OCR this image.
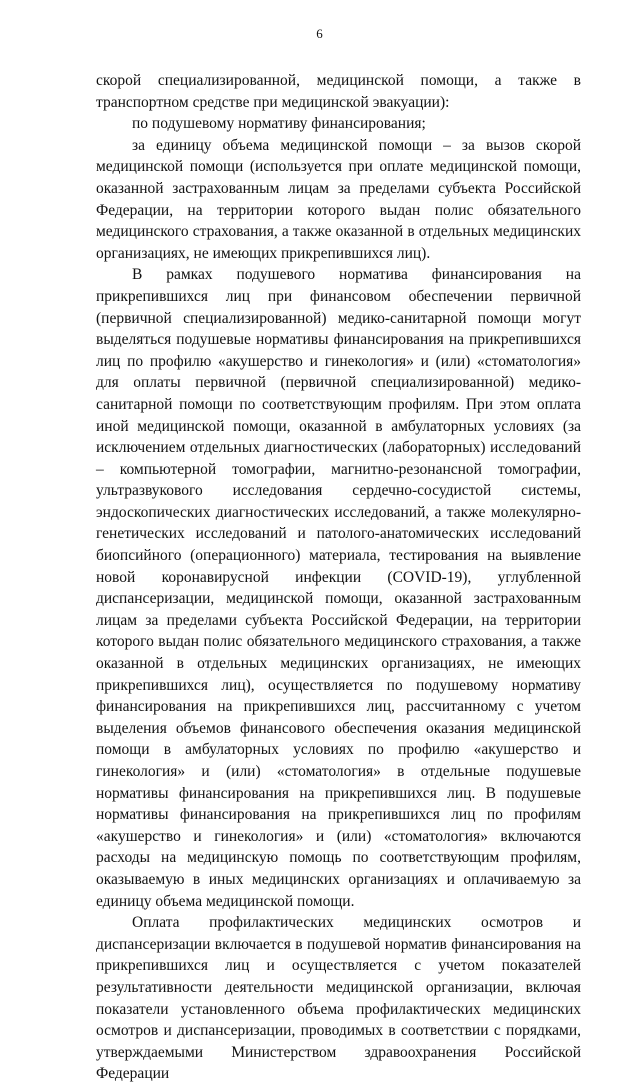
6

скорой специализированной, медицинской помощи, а также в транспортном средстве при медицинской эвакуации):

по подушевому нормативу финансирования;

за единицу объема медицинской помощи – за вызов скорой медицинской помощи (используется при оплате медицинской помощи, оказанной застрахованным лицам за пределами субъекта Российской Федерации, на территории которого выдан полис обязательного медицинского страхования, а также оказанной в отдельных медицинских организациях, не имеющих прикрепившихся лиц).

В рамках подушевого норматива финансирования на прикрепившихся лиц при финансовом обеспечении первичной (первичной специализированной) медико-санитарной помощи могут выделяться подушевые нормативы финансирования на прикрепившихся лиц по профилю «акушерство и гинекология» и (или) «стоматология» для оплаты первичной (первичной специализированной) медико-санитарной помощи по соответствующим профилям. При этом оплата иной медицинской помощи, оказанной в амбулаторных условиях (за исключением отдельных диагностических (лабораторных) исследований – компьютерной томографии, магнитно-резонансной томографии, ультразвукового исследования сердечно-сосудистой системы, эндоскопических диагностических исследований, а также молекулярно-генетических исследований и патолого-анатомических исследований биопсийного (операционного) материала, тестирования на выявление новой коронавирусной инфекции (COVID-19), углубленной диспансеризации, медицинской помощи, оказанной застрахованным лицам за пределами субъекта Российской Федерации, на территории которого выдан полис обязательного медицинского страхования, а также оказанной в отдельных медицинских организациях, не имеющих прикрепившихся лиц), осуществляется по подушевому нормативу финансирования на прикрепившихся лиц, рассчитанному с учетом выделения объемов финансового обеспечения оказания медицинской помощи в амбулаторных условиях по профилю «акушерство и гинекология» и (или) «стоматология» в отдельные подушевые нормативы финансирования на прикрепившихся лиц. В подушевые нормативы финансирования на прикрепившихся лиц по профилям «акушерство и гинекология» и (или) «стоматология» включаются расходы на медицинскую помощь по соответствующим профилям, оказываемую в иных медицинских организациях и оплачиваемую за единицу объема медицинской помощи.

Оплата профилактических медицинских осмотров и диспансеризации включается в подушевой норматив финансирования на прикрепившихся лиц и осуществляется с учетом показателей результативности деятельности медицинской организации, включая показатели установленного объема профилактических медицинских осмотров и диспансеризации, проводимых в соответствии с порядками, утверждаемыми Министерством здравоохранения Российской Федерации
